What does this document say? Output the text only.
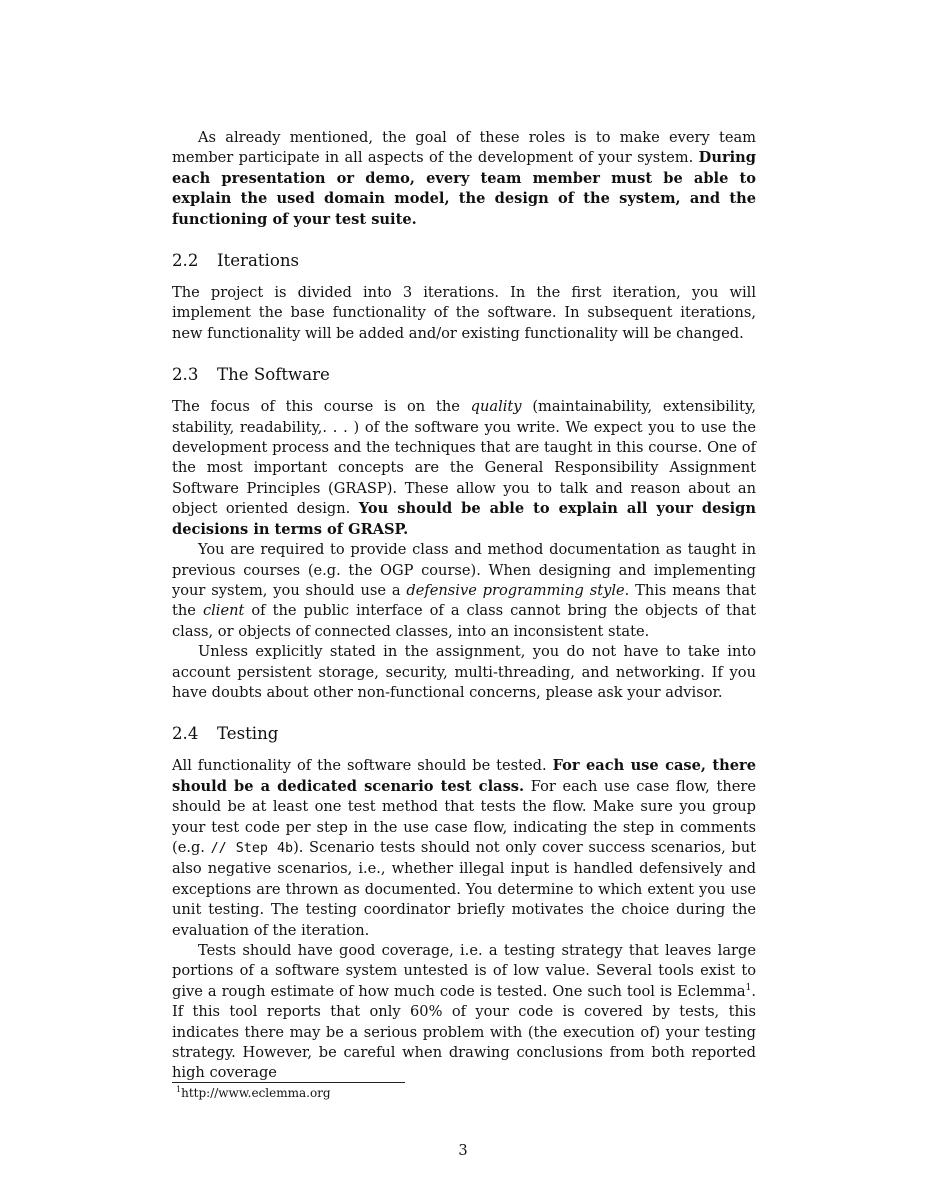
As already mentioned, the goal of these roles is to make every team member participate in all aspects of the development of your system. During each presentation or demo, every team member must be able to explain the used domain model, the design of the system, and the functioning of your test suite.

2.2 Iterations

The project is divided into 3 iterations. In the first iteration, you will implement the base functionality of the software. In subsequent iterations, new functionality will be added and/or existing functionality will be changed.

2.3 The Software

The focus of this course is on the quality (maintainability, extensibility, stability, readability,. . . ) of the software you write. We expect you to use the development process and the techniques that are taught in this course. One of the most important concepts are the General Responsibility Assignment Software Principles (GRASP). These allow you to talk and reason about an object oriented design. You should be able to explain all your design decisions in terms of GRASP.

You are required to provide class and method documentation as taught in previous courses (e.g. the OGP course). When designing and implementing your system, you should use a defensive programming style. This means that the client of the public interface of a class cannot bring the objects of that class, or objects of connected classes, into an inconsistent state.

Unless explicitly stated in the assignment, you do not have to take into account persistent storage, security, multi-threading, and networking. If you have doubts about other non-functional concerns, please ask your advisor.

2.4 Testing

All functionality of the software should be tested. For each use case, there should be a dedicated scenario test class. For each use case flow, there should be at least one test method that tests the flow. Make sure you group your test code per step in the use case flow, indicating the step in comments (e.g. // Step 4b). Scenario tests should not only cover success scenarios, but also negative scenarios, i.e., whether illegal input is handled defensively and exceptions are thrown as documented. You determine to which extent you use unit testing. The testing coordinator briefly motivates the choice during the evaluation of the iteration.

Tests should have good coverage, i.e. a testing strategy that leaves large portions of a software system untested is of low value. Several tools exist to give a rough estimate of how much code is tested. One such tool is Eclemma$^1$. If this tool reports that only 60% of your code is covered by tests, this indicates there may be a serious problem with (the execution of) your testing strategy. However, be careful when drawing conclusions from both reported high coverage

$^1$http://www.eclemma.org
3
